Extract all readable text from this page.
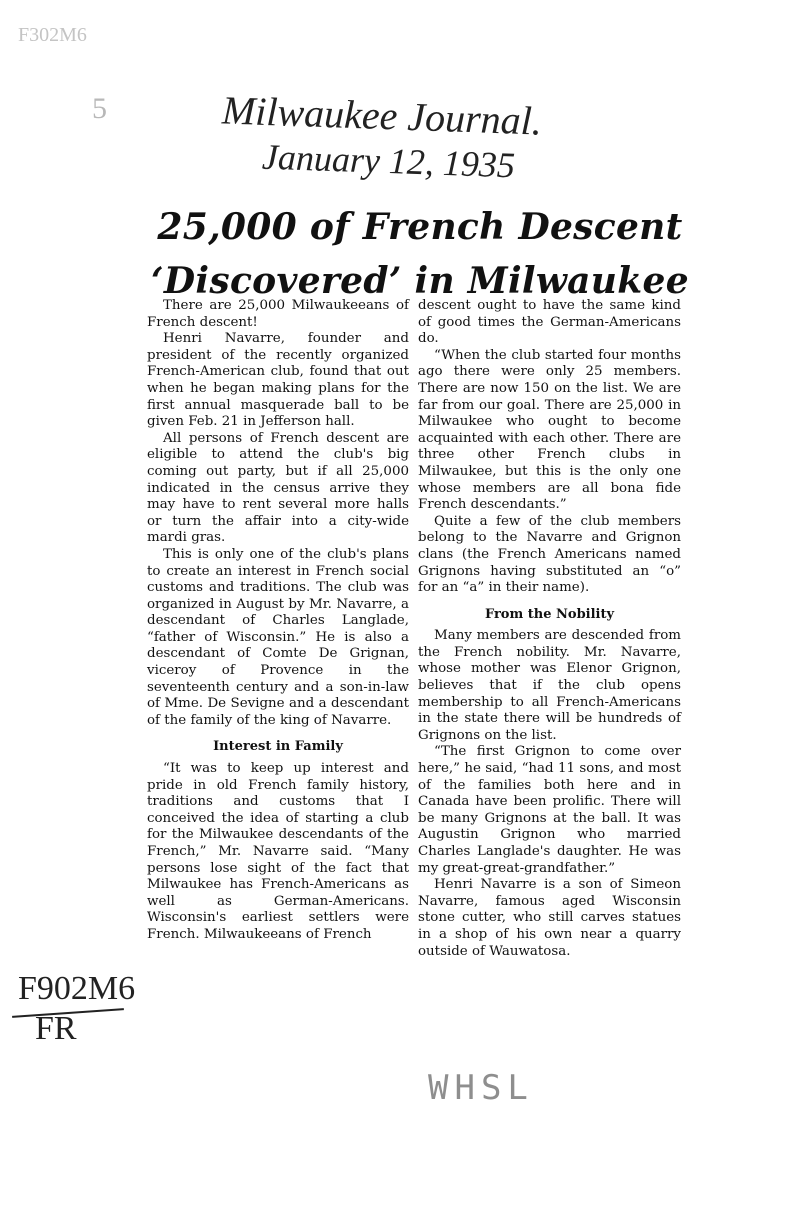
F302M6
5	Milwaukee Journal.
January 12, 1935
25,000 of French Descent
‘Discovered’ in Milwaukee

There are 25,000 Milwaukeeans of French descent!

Henri Navarre, founder and president of the recently organized French-American club, found that out when he began making plans for the first annual masquerade ball to be given Feb. 21 in Jefferson hall.

All persons of French descent are eligible to attend the club's big coming out party, but if all 25,000 indicated in the census arrive they may have to rent several more halls or turn the affair into a city-wide mardi gras.

This is only one of the club's plans to create an interest in French social customs and traditions. The club was organized in August by Mr. Navarre, a descendant of Charles Langlade, “father of Wisconsin.” He is also a descendant of Comte De Grignan, viceroy of Provence in the seventeenth century and a son-in-law of Mme. De Sevigne and a descendant of the family of the king of Navarre.

Interest in Family

“It was to keep up interest and pride in old French family history, traditions and customs that I conceived the idea of starting a club for the Milwaukee descendants of the French,” Mr. Navarre said. “Many persons lose sight of the fact that Milwaukee has French-Americans as well as German-Americans. Wisconsin's earliest settlers were French. Milwaukeeans of French

descent ought to have the same kind of good times the German-Americans do.

“When the club started four months ago there were only 25 members. There are now 150 on the list. We are far from our goal. There are 25,000 in Milwaukee who ought to become acquainted with each other. There are three other French clubs in Milwaukee, but this is the only one whose members are all bona fide French descendants.”

Quite a few of the club members belong to the Navarre and Grignon clans (the French Americans named Grignons having substituted an “o” for an “a” in their name).

From the Nobility

Many members are descended from the French nobility. Mr. Navarre, whose mother was Elenor Grignon, believes that if the club opens membership to all French-Americans in the state there will be hundreds of Grignons on the list.

“The first Grignon to come over here,” he said, “had 11 sons, and most of the families both here and in Canada have been prolific. There will be many Grignons at the ball. It was Augustin Grignon who married Charles Langlade's daughter. He was my great-great-grandfather.”

Henri Navarre is a son of Simeon Navarre, famous aged Wisconsin stone cutter, who still carves statues in a shop of his own near a quarry outside of Wauwatosa.

F902M6
FR
WHSL
